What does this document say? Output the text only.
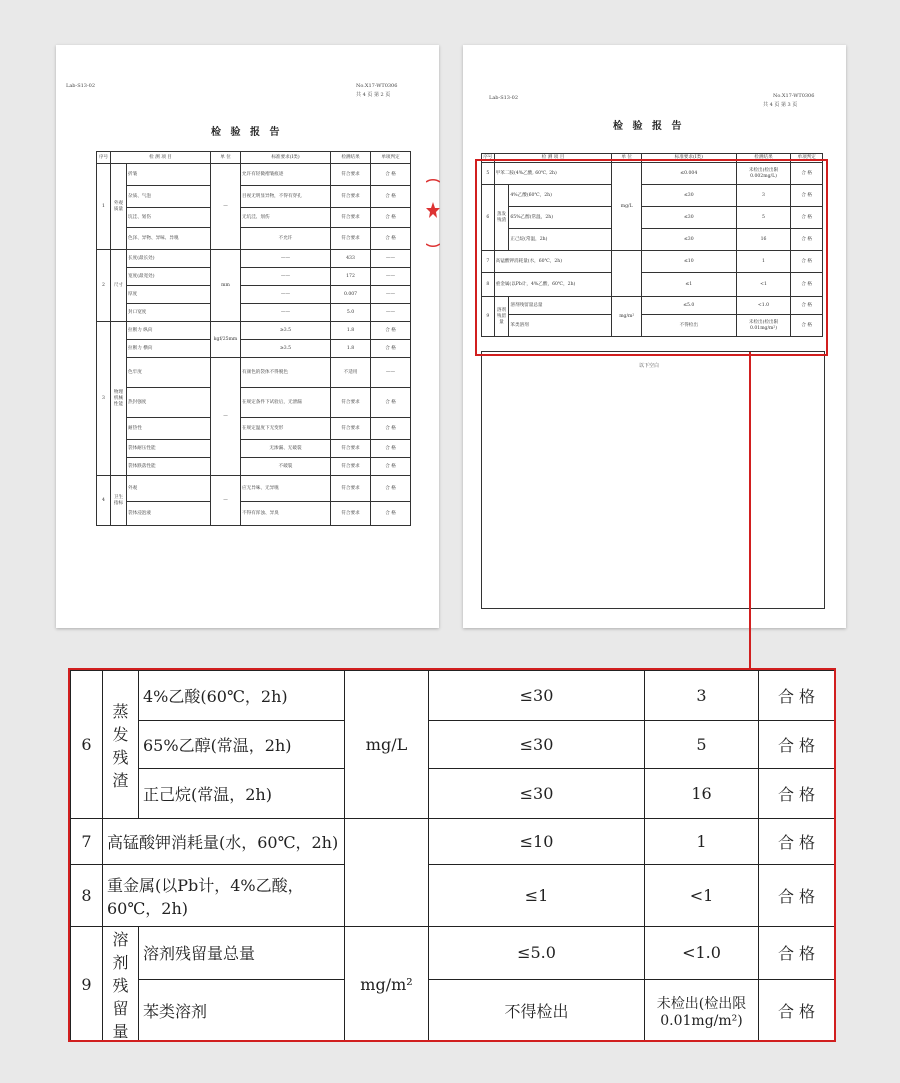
Lab-S13-02	No.X17-WT0306
共 4 页 第 2 页
检 验 报 告
序号	检 测 项 目		单 位	标准要求(Ⅰ类)	检测结果	单项判定
1	外观质量	折皱	—	允许有轻微褶皱痕迹	符合要求	合 格
		杂质、气泡		目视无明显异物，不得有穿孔	符合要求	合 格
		坑洼、划伤		无坑洼、划伤	符合要求	合 格
		色泽、异物、异味、异嗅		不允许	符合要求	合 格
2	尺寸	长度(最长处)	mm	——	433	——
		宽度(最宽处)		——	172	——
		厚度		——	0.007	——
		封口宽度		——	5.0	——
3	物理机械性能	拉断力 纵向	kgf/25mm	≥3.5	1.8	合 格
		拉断力 横向		≥3.5	1.8	合 格
		色牢度	—	有颜色的袋体不得脱色	不适用	——
		热封强度		在规定条件下试验后，无泄漏	符合要求	合 格
		耐热性		在规定温度下无变形	符合要求	合 格
		袋体耐压性能		无渗漏、无破裂	符合要求	合 格
		袋体跌落性能		不破裂	符合要求	合 格
4	卫生指标	外观	—	应无异味、无异嗅	符合要求	合 格
		袋体浸泡液		不得有浑浊、异臭	符合要求	合 格
Lab-S13-02	No.X17-WT0306
共 4 页 第 3 页
检 验 报 告
序号	检 测 项 目		单 位	标准要求(Ⅰ类)	检测结果	单项判定
5	甲苯二胺(4%乙酸, 60℃, 2h)		mg/L	≤0.004	未检出(检出限0.002mg/L)	合 格
6	蒸发残渣	4%乙酸(60℃，2h)		≤30	3	合 格
		65%乙醇(常温，2h)		≤30	5	合 格
		正己烷(常温，2h)		≤30	16	合 格
7	高锰酸钾消耗量(水，60℃，2h)			≤10	1	合 格
8	重金属(以Pb计，4%乙酸，60℃，2h)			≤1	<1	合 格
9	溶剂残留量	溶剂残留量总量	mg/m²	≤5.0	<1.0	合 格
		苯类溶剂		不得检出	未检出(检出限0.01mg/m²)	合 格
以下空白
6	蒸发残渣	4%乙酸(60℃，2h)	mg/L	≤30	3	合 格
		65%乙醇(常温，2h)		≤30	5	合 格
		正己烷(常温，2h)		≤30	16	合 格
7	高锰酸钾消耗量(水，60℃，2h)			≤10	1	合 格
8	重金属(以Pb计，4%乙酸，60℃，2h)			≤1	<1	合 格
9	溶剂残留量	溶剂残留量总量	mg/m²	≤5.0	<1.0	合 格
		苯类溶剂		不得检出	未检出(检出限0.01mg/m²)	合 格
